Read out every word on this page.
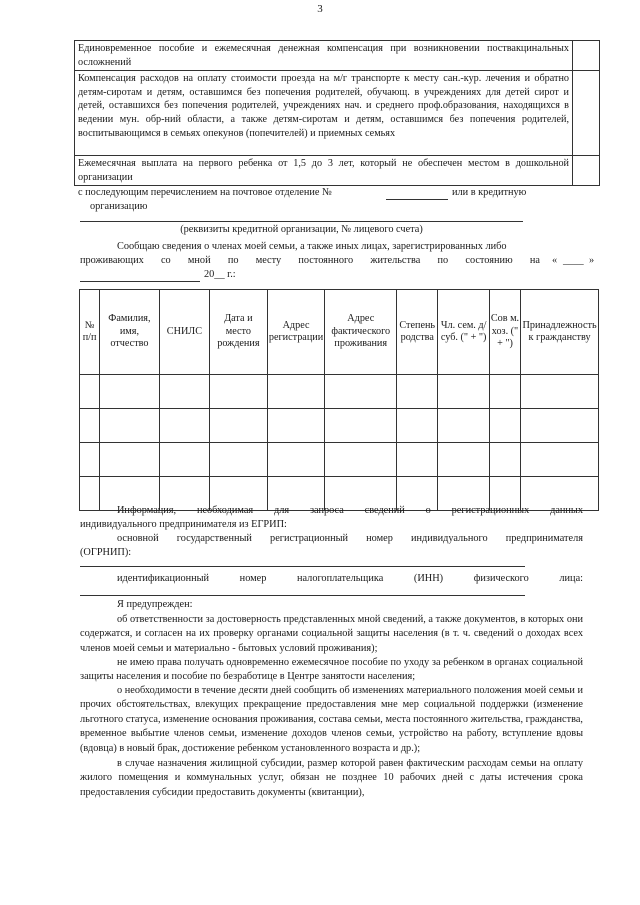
3
Единовременное пособие и ежемесячная денежная компенсация при возникновении поствакцинальных осложнений	
Компенсация расходов на оплату стоимости проезда на м/г транспорте к месту сан.-кур. лечения и обратно детям-сиротам и детям, оставшимся без попечения родителей, обучающ. в учреждениях для детей сирот и детей, оставшихся без попечения родителей, учреждениях нач. и среднего проф.образования, находящихся в ведении мун. обр-ний области, а также детям-сиротам и детям, оставшимся без попечения родителей, воспитывающимся в семьях опекунов (попечителей) и приемных семьях	
Ежемесячная выплата на первого ребенка от 1,5 до 3 лет, который не обеспечен местом в дошкольной организации	
с последующим перечислением на почтовое отделение №	или в кредитную
организацию
(реквизиты кредитной организации, № лицевого счета)
Сообщаю сведения о членах моей семьи, а также иных лицах, зарегистрированных либо
проживающих со мной по месту постоянного жительства по состоянию на « ____ »
20__ г.:
№ п/п	Фамилия, имя, отчество	СНИЛС	Дата и место рождения	Адрес регистрации	Адрес фактического проживания	Степень родства	Чл. сем. д/суб. (" + ")	Сов м. хоз. (" + ")	Принадлежность к гражданству

Информация, необходимая для запроса сведений о регистрационных данных
индивидуального предпринимателя из ЕГРИП:
основной государственный регистрационный номер индивидуального предпринимателя
(ОГРНИП):
идентификационный номер налогоплательщика (ИНН) физического лица:
Я предупрежден:
об ответственности за достоверность представленных мной сведений, а также документов, в которых они содержатся, и согласен на их проверку органами социальной защиты населения (в т. ч. сведений о доходах всех членов моей семьи и материально - бытовых условий проживания);
не имею права получать одновременно ежемесячное пособие по уходу за ребенком в органах социальной защиты населения и пособие по безработице в Центре занятости населения;
о необходимости в течение десяти дней сообщить об изменениях материального положения моей семьи и прочих обстоятельствах, влекущих прекращение предоставления мне мер социальной поддержки (изменение льготного статуса, изменение основания проживания, состава семьи, места постоянного жительства, гражданства, временное выбытие членов семьи, изменение доходов членов семьи, устройство на работу, вступление вдовы (вдовца) в новый брак, достижение ребенком установленного возраста и др.);
в случае назначения жилищной субсидии, размер которой равен фактическим расходам семьи на оплату жилого помещения и коммунальных услуг, обязан не позднее 10 рабочих дней с даты истечения срока предоставления субсидии предоставить документы (квитанции),
